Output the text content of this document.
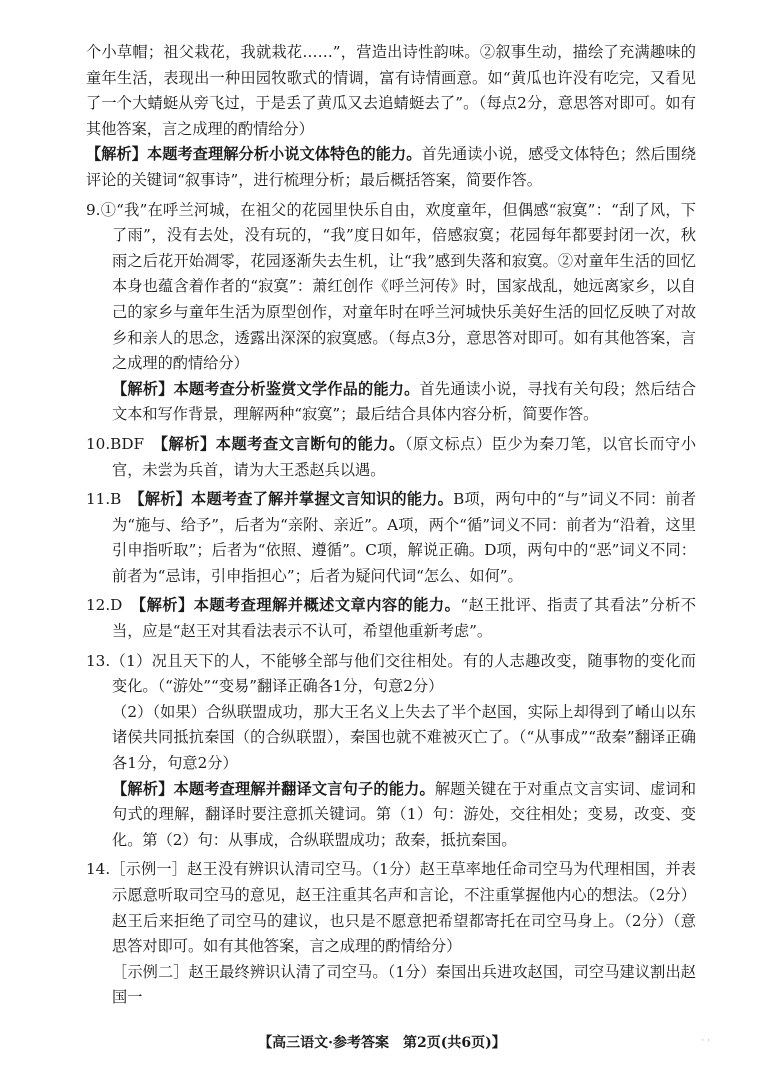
个小草帽；祖父栽花，我就栽花……”，营造出诗性韵味。②叙事生动，描绘了充满趣味的童年生活，表现出一种田园牧歌式的情调，富有诗情画意。如“黄瓜也许没有吃完，又看见了一个大蜻蜓从旁飞过，于是丢了黄瓜又去追蜻蜓去了”。（每点2分，意思答对即可。如有其他答案，言之成理的酌情给分）

【解析】本题考查理解分析小说文体特色的能力。首先通读小说，感受文体特色；然后围绕评论的关键词“叙事诗”，进行梳理分析；最后概括答案，简要作答。

9.①“我”在呼兰河城，在祖父的花园里快乐自由，欢度童年，但偶感“寂寞”：“刮了风，下了雨”，没有去处，没有玩的，“我”度日如年，倍感寂寞；花园每年都要封闭一次，秋雨之后花开始凋零，花园逐渐失去生机，让“我”感到失落和寂寞。②对童年生活的回忆本身也蕴含着作者的“寂寞”：萧红创作《呼兰河传》时，国家战乱，她远离家乡，以自己的家乡与童年生活为原型创作，对童年时在呼兰河城快乐美好生活的回忆反映了对故乡和亲人的思念，透露出深深的寂寞感。（每点3分，意思答对即可。如有其他答案，言之成理的酌情给分）

【解析】本题考查分析鉴赏文学作品的能力。首先通读小说，寻找有关句段；然后结合文本和写作背景，理解两种“寂寞”；最后结合具体内容分析，简要作答。

10.BDF　 【解析】本题考查文言断句的能力。（原文标点）臣少为秦刀笔，以官长而守小官，未尝为兵首，请为大王悉赵兵以遇。

11.B　 【解析】本题考查了解并掌握文言知识的能力。B项，两句中的“与”词义不同：前者为“施与、给予”，后者为“亲附、亲近”。A项，两个“循”词义不同：前者为“沿着，这里引申指听取”；后者为“依照、遵循”。C项，解说正确。D项，两句中的“恶”词义不同：前者为“忌讳，引申指担心”；后者为疑问代词“怎么、如何”。

12.D　 【解析】本题考查理解并概述文章内容的能力。“赵王批评、指责了其看法”分析不当，应是“赵王对其看法表示不认可，希望他重新考虑”。

13.（1）况且天下的人，不能够全部与他们交往相处。有的人志趣改变，随事物的变化而变化。（“游处”“变易”翻译正确各1分，句意2分）

（2）（如果）合纵联盟成功，那大王名义上失去了半个赵国，实际上却得到了崤山以东诸侯共同抵抗秦国（的合纵联盟），秦国也就不难被灭亡了。（“从事成”“敌秦”翻译正确各1分，句意2分）

【解析】本题考查理解并翻译文言句子的能力。解题关键在于对重点文言实词、虚词和句式的理解，翻译时要注意抓关键词。第（1）句：游处，交往相处；变易，改变、变化。第（2）句：从事成，合纵联盟成功；敌秦，抵抗秦国。

14.［示例一］赵王没有辨识认清司空马。（1分）赵王草率地任命司空马为代理相国，并表示愿意听取司空马的意见，赵王注重其名声和言论，不注重掌握他内心的想法。（2分）赵王后来拒绝了司空马的建议，也只是不愿意把希望都寄托在司空马身上。（2分）（意思答对即可。如有其他答案，言之成理的酌情给分）

［示例二］赵王最终辨识认清了司空马。（1分）秦国出兵进攻赵国，司空马建议割出赵国一

【高三语文·参考答案　第2页(共6页)】	· ·
